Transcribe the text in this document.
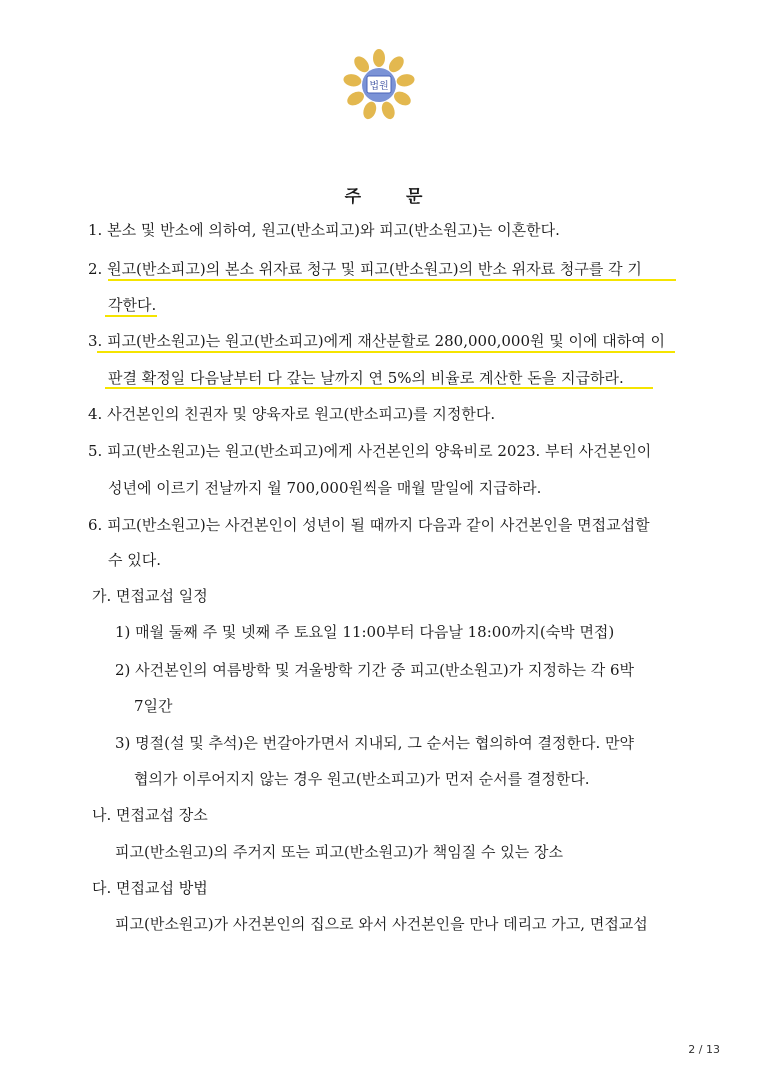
법원
주	문
1. 본소 및 반소에 의하여, 원고(반소피고)와 피고(반소원고)는 이혼한다.
2. 원고(반소피고)의 본소 위자료 청구 및 피고(반소원고)의 반소 위자료 청구를 각 기
각한다.
3. 피고(반소원고)는 원고(반소피고)에게 재산분할로 280,000,000원 및 이에 대하여 이
판결 확정일 다음날부터 다 갚는 날까지 연 5%의 비율로 계산한 돈을 지급하라.
4. 사건본인의 친권자 및 양육자로 원고(반소피고)를 지정한다.
5. 피고(반소원고)는 원고(반소피고)에게 사건본인의 양육비로 2023. 부터 사건본인이
성년에 이르기 전날까지 월 700,000원씩을 매월 말일에 지급하라.
6. 피고(반소원고)는 사건본인이 성년이 될 때까지 다음과 같이 사건본인을 면접교섭할
수 있다.
가. 면접교섭 일정
1) 매월 둘째 주 및 넷째 주 토요일 11:00부터 다음날 18:00까지(숙박 면접)
2) 사건본인의 여름방학 및 겨울방학 기간 중 피고(반소원고)가 지정하는 각 6박
7일간
3) 명절(설 및 추석)은 번갈아가면서 지내되, 그 순서는 협의하여 결정한다. 만약
협의가 이루어지지 않는 경우 원고(반소피고)가 먼저 순서를 결정한다.
나. 면접교섭 장소
피고(반소원고)의 주거지 또는 피고(반소원고)가 책임질 수 있는 장소
다. 면접교섭 방법
피고(반소원고)가 사건본인의 집으로 와서 사건본인을 만나 데리고 가고, 면접교섭
2 / 13
